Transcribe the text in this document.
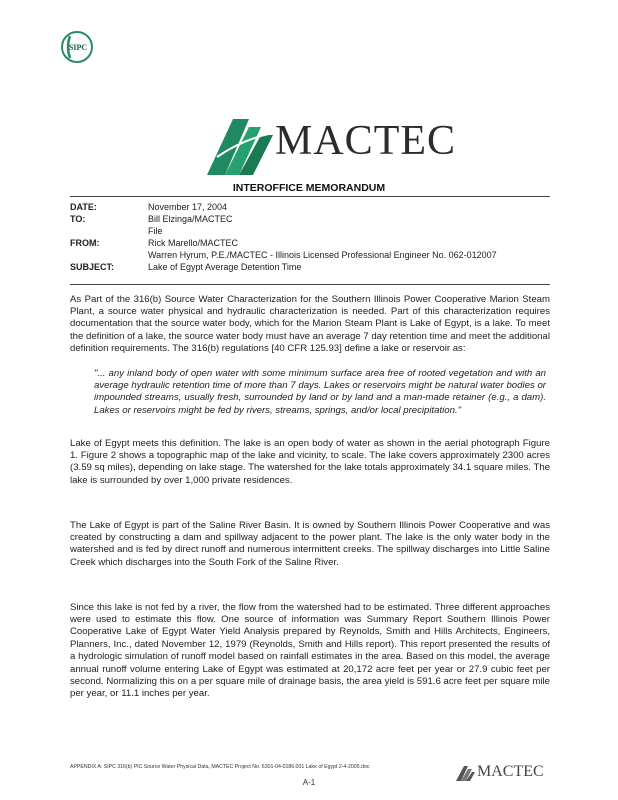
SIPC
MACTEC
INTEROFFICE MEMORANDUM
DATE:	November 17, 2004
TO:	Bill Elzinga/MACTEC
File
FROM:	Rick Marello/MACTEC
Warren Hyrum, P.E./MACTEC - Illinois Licensed Professional Engineer No. 062-012007
SUBJECT:	Lake of Egypt Average Detention Time

As Part of the 316(b) Source Water Characterization for the Southern Illinois Power Cooperative Marion Steam Plant, a source water physical and hydraulic characterization is needed. Part of this characterization requires documentation that the source water body, which for the Marion Steam Plant is Lake of Egypt, is a lake. To meet the definition of a lake, the source water body must have an average 7 day retention time and meet the additional definition requirements. The 316(b) regulations [40 CFR 125.93] define a lake or reservoir as:

"... any inland body of open water with some minimum surface area free of rooted vegetation and with an average hydraulic retention time of more than 7 days. Lakes or reservoirs might be natural water bodies or impounded streams, usually fresh, surrounded by land or by land and a man-made retainer (e.g., a dam). Lakes or reservoirs might be fed by rivers, streams, springs, and/or local precipitation."

Lake of Egypt meets this definition. The lake is an open body of water as shown in the aerial photograph Figure 1. Figure 2 shows a topographic map of the lake and vicinity, to scale. The lake covers approximately 2300 acres (3.59 sq miles), depending on lake stage. The watershed for the lake totals approximately 34.1 square miles. The lake is surrounded by over 1,000 private residences.

The Lake of Egypt is part of the Saline River Basin. It is owned by Southern Illinois Power Cooperative and was created by constructing a dam and spillway adjacent to the power plant. The lake is the only water body in the watershed and is fed by direct runoff and numerous intermittent creeks. The spillway discharges into Little Saline Creek which discharges into the South Fork of the Saline River.

Since this lake is not fed by a river, the flow from the watershed had to be estimated. Three different approaches were used to estimate this flow. One source of information was Summary Report Southern Illinois Power Cooperative Lake of Egypt Water Yield Analysis prepared by Reynolds, Smith and Hills Architects, Engineers, Planners, Inc., dated November 12, 1979 (Reynolds, Smith and Hills report). This report presented the results of a hydrologic simulation of runoff model based on rainfall estimates in the area. Based on this model, the average annual runoff volume entering Lake of Egypt was estimated at 20,172 acre feet per year or 27.9 cubic feet per second. Normalizing this on a per square mile of drainage basis, the area yield is 591.6 acre feet per square mile per year, or 11.1 inches per year.

APPENDIX A: SIPC 316(b) PIC Source Water Physical Data, MACTEC Project No. 6301-04-0186.001 Lake of Egypt 2-4-2005.doc
A-1
MACTEC
